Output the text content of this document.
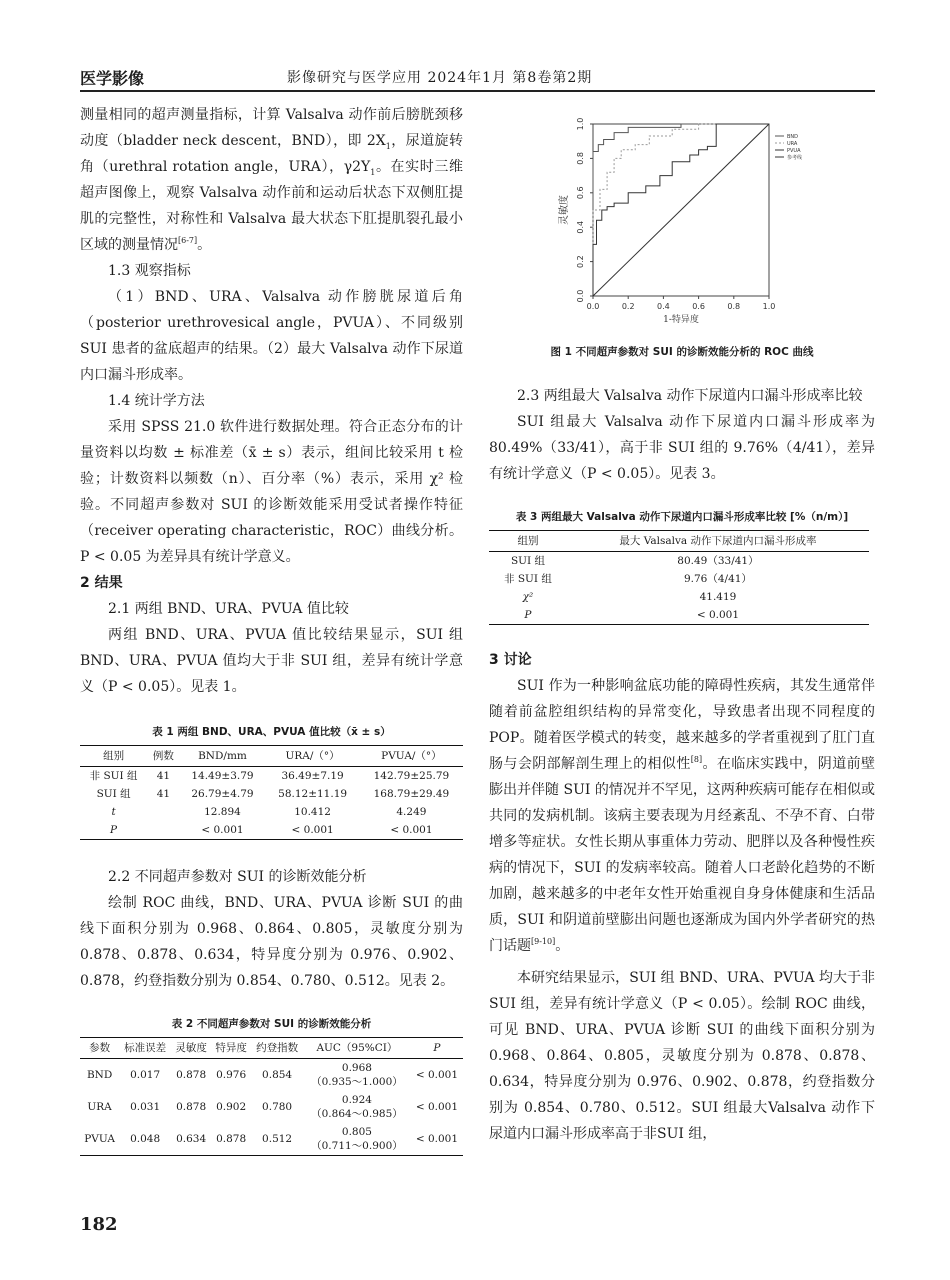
医学影像	影像研究与医学应用 2024年1月 第8卷第2期

测量相同的超声测量指标，计算 Valsalva 动作前后膀胱颈移动度（bladder neck descent，BND），即 $2X_1$，尿道旋转角（urethral rotation angle，URA），$\gamma 2Y_1$。在实时三维超声图像上，观察 Valsalva 动作前和运动后状态下双侧肛提肌的完整性，对称性和 Valsalva 最大状态下肛提肌裂孔最小区域的测量情况[6-7]。

1.3 观察指标

（1）BND、URA、Valsalva 动作膀胱尿道后角（posterior urethrovesical angle，PVUA）、不同级别 SUI 患者的盆底超声的结果。（2）最大 Valsalva 动作下尿道内口漏斗形成率。

1.4 统计学方法

采用 SPSS 21.0 软件进行数据处理。符合正态分布的计量资料以均数 ± 标准差（x̄ ± s）表示，组间比较采用 t 检验；计数资料以频数（n）、百分率（%）表示，采用 χ² 检验。不同超声参数对 SUI 的诊断效能采用受试者操作特征（receiver operating characteristic，ROC）曲线分析。P < 0.05 为差异具有统计学意义。

2 结果
2.1 两组 BND、URA、PVUA 值比较

两组 BND、URA、PVUA 值比较结果显示，SUI 组 BND、URA、PVUA 值均大于非 SUI 组，差异有统计学意义（P < 0.05）。见表 1。

表 1 两组 BND、URA、PVUA 值比较（x̄ ± s）
组别	例数	BND/mm	URA/（°）	PVUA/（°）
非 SUI 组	41	14.49±3.79	36.49±7.19	142.79±25.79
SUI 组	41	26.79±4.79	58.12±11.19	168.79±29.49
t		12.894	10.412	4.249
P		< 0.001	< 0.001	< 0.001
2.2 不同超声参数对 SUI 的诊断效能分析

绘制 ROC 曲线，BND、URA、PVUA 诊断 SUI 的曲线下面积分别为 0.968、0.864、0.805，灵敏度分别为 0.878、0.878、0.634，特异度分别为 0.976、0.902、0.878，约登指数分别为 0.854、0.780、0.512。见表 2。

表 2 不同超声参数对 SUI 的诊断效能分析
参数	标准误差	灵敏度	特异度	约登指数	AUC（95%CI）	P
BND	0.017	0.878	0.976	0.854	0.968
（0.935～1.000）	< 0.001
URA	0.031	0.878	0.902	0.780	0.924
（0.864～0.985）	< 0.001
PVUA	0.048	0.634	0.878	0.512	0.805
（0.711～0.900）	< 0.001
0.0	0.2	0.4	0.6	0.8	1.0
0.0
0.2
0.4
0.6
0.8
1.0
1-特异度
灵敏度
BND
URA
PVUA
参考线
图 1 不同超声参数对 SUI 的诊断效能分析的 ROC 曲线
2.3 两组最大 Valsalva 动作下尿道内口漏斗形成率比较

SUI 组最大 Valsalva 动作下尿道内口漏斗形成率为 80.49%（33/41），高于非 SUI 组的 9.76%（4/41），差异有统计学意义（P < 0.05）。见表 3。

表 3 两组最大 Valsalva 动作下尿道内口漏斗形成率比较 [%（n/m）]
组别	最大 Valsalva 动作下尿道内口漏斗形成率
SUI 组	80.49（33/41）
非 SUI 组	9.76（4/41）
χ²	41.419
P	< 0.001
3 讨论

SUI 作为一种影响盆底功能的障碍性疾病，其发生通常伴随着前盆腔组织结构的异常变化，导致患者出现不同程度的 POP。随着医学模式的转变，越来越多的学者重视到了肛门直肠与会阴部解剖生理上的相似性[8]。在临床实践中，阴道前壁膨出并伴随 SUI 的情况并不罕见，这两种疾病可能存在相似或共同的发病机制。该病主要表现为月经紊乱、不孕不育、白带增多等症状。女性长期从事重体力劳动、肥胖以及各种慢性疾病的情况下，SUI 的发病率较高。随着人口老龄化趋势的不断加剧，越来越多的中老年女性开始重视自身身体健康和生活品质，SUI 和阴道前壁膨出问题也逐渐成为国内外学者研究的热门话题[9-10]。

本研究结果显示，SUI 组 BND、URA、PVUA 均大于非 SUI 组，差异有统计学意义（P < 0.05）。绘制 ROC 曲线，可见 BND、URA、PVUA 诊断 SUI 的曲线下面积分别为 0.968、0.864、0.805，灵敏度分别为 0.878、0.878、0.634，特异度分别为 0.976、0.902、0.878，约登指数分别为 0.854、0.780、0.512。SUI 组最大Valsalva 动作下尿道内口漏斗形成率高于非SUI 组，

182
